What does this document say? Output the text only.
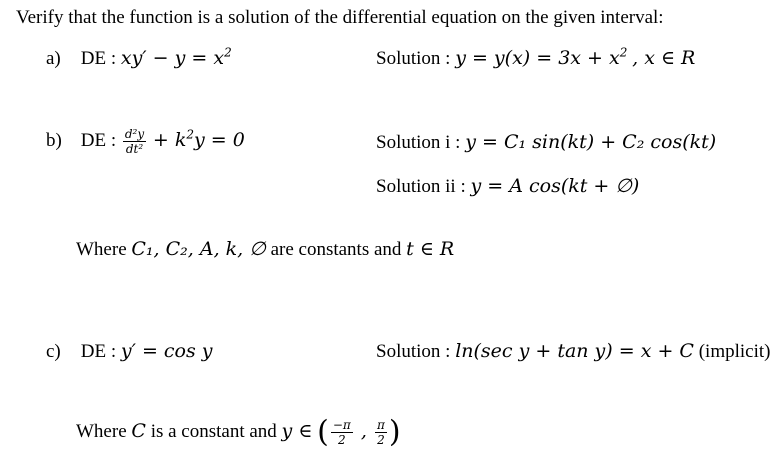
Verify that the function is a solution of the differential equation on the given interval:
a) DE : $xy' - y = x^2$	Solution : $y = y(x) = 3x + x^2$ , x ∈ R
b) DE : $\frac{\text{d²y}}{\text{dt²}} + k^2y = 0$	Solution i : y = C₁ sin(kt) + C₂ cos(kt)
Solution ii : y = A cos(kt + ∅)
Where C₁, C₂, A, k, ∅ are constants and t ∈ R
c) DE : y′ = cos y	Solution : ln(sec y + tan y) = x + C (implicit)
Where C is a constant and y ∈ ( $\frac{-\pi}{2}$ , $\frac{\pi}{2}$ )
